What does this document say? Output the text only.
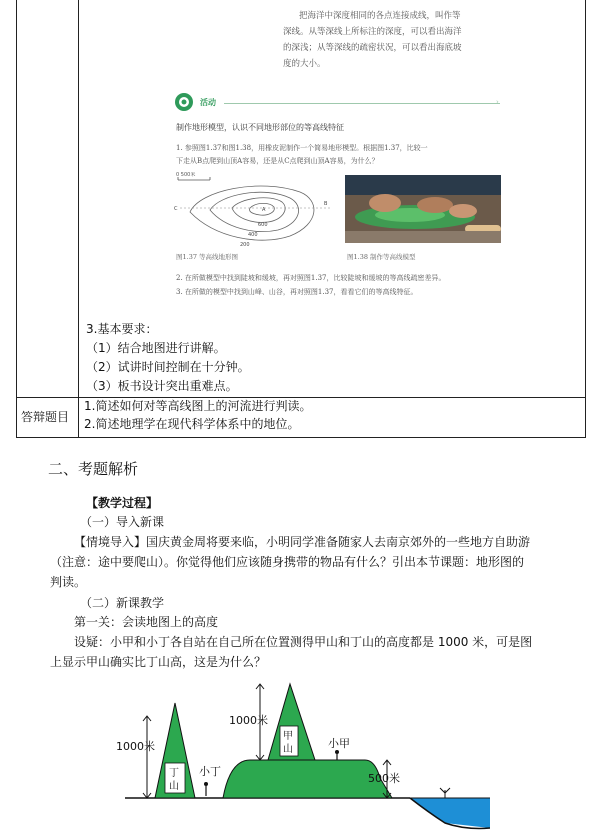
把海洋中深度相同的各点连接成线，叫作等
深线。从等深线上所标注的深度，可以看出海洋
的深浅；从等深线的疏密状况，可以看出海底坡
度的大小。
活动	›
制作地形模型，认识不同地形部位的等高线特征
1. 参照图1.37和图1.38，用橡皮泥制作一个简易地形模型。根据图1.37，比较一
下走从B点爬到山顶A容易，还是从C点爬到山顶A容易，为什么？
0 500米
C	A
B
600
400
200
图1.37 等高线地形图	图1.38 制作等高线模型
2. 在所做模型中找到陡坡和缓坡，再对照图1.37，比较陡坡和缓坡的等高线疏密差异。
3. 在所做的模型中找到山峰、山谷，再对照图1.37，看看它们的等高线特征。
3.基本要求：
（1）结合地图进行讲解。
（2）试讲时间控制在十分钟。
（3）板书设计突出重难点。
答辩题目
1.简述如何对等高线图上的河流进行判读。
2.简述地理学在现代科学体系中的地位。
二、考题解析
【教学过程】
（一）导入新课
【情境导入】国庆黄金周将要来临，小明同学准备随家人去南京郊外的一些地方自助游
（注意：途中要爬山）。你觉得他们应该随身携带的物品有什么？引出本节课题：地形图的
判读。
（二）新课教学
第一关：会读地图上的高度
设疑：小甲和小丁各自站在自己所在位置测得甲山和丁山的高度都是 1000 米，可是图
上显示甲山确实比丁山高，这是为什么？
丁
山
1000米
小丁
甲
山
1000米
小甲
500米
